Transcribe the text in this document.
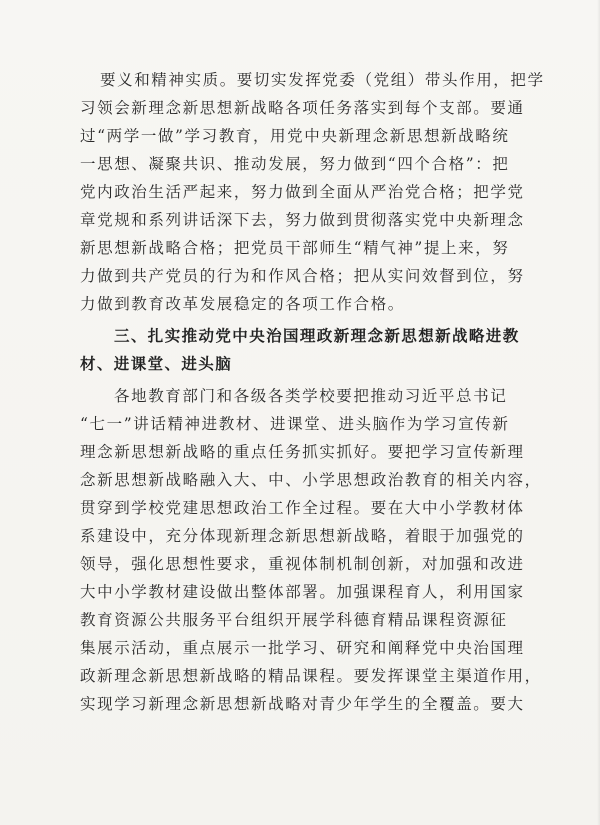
要义和精神实质。要切实发挥党委（党组）带头作用，把学
习领会新理念新思想新战略各项任务落实到每个支部。要通
过“两学一做”学习教育，用党中央新理念新思想新战略统
一思想、凝聚共识、推动发展，努力做到“四个合格”：把
党内政治生活严起来，努力做到全面从严治党合格；把学党
章党规和系列讲话深下去，努力做到贯彻落实党中央新理念
新思想新战略合格；把党员干部师生“精气神”提上来，努
力做到共产党员的行为和作风合格；把从实问效督到位，努
力做到教育改革发展稳定的各项工作合格。

三、扎实推动党中央治国理政新理念新思想新战略进教
材、进课堂、进头脑

各地教育部门和各级各类学校要把推动习近平总书记
“七一”讲话精神进教材、进课堂、进头脑作为学习宣传新
理念新思想新战略的重点任务抓实抓好。要把学习宣传新理
念新思想新战略融入大、中、小学思想政治教育的相关内容，
贯穿到学校党建思想政治工作全过程。要在大中小学教材体
系建设中，充分体现新理念新思想新战略，着眼于加强党的
领导，强化思想性要求，重视体制机制创新，对加强和改进
大中小学教材建设做出整体部署。加强课程育人，利用国家
教育资源公共服务平台组织开展学科德育精品课程资源征
集展示活动，重点展示一批学习、研究和阐释党中央治国理
政新理念新思想新战略的精品课程。要发挥课堂主渠道作用，
实现学习新理念新思想新战略对青少年学生的全覆盖。要大
